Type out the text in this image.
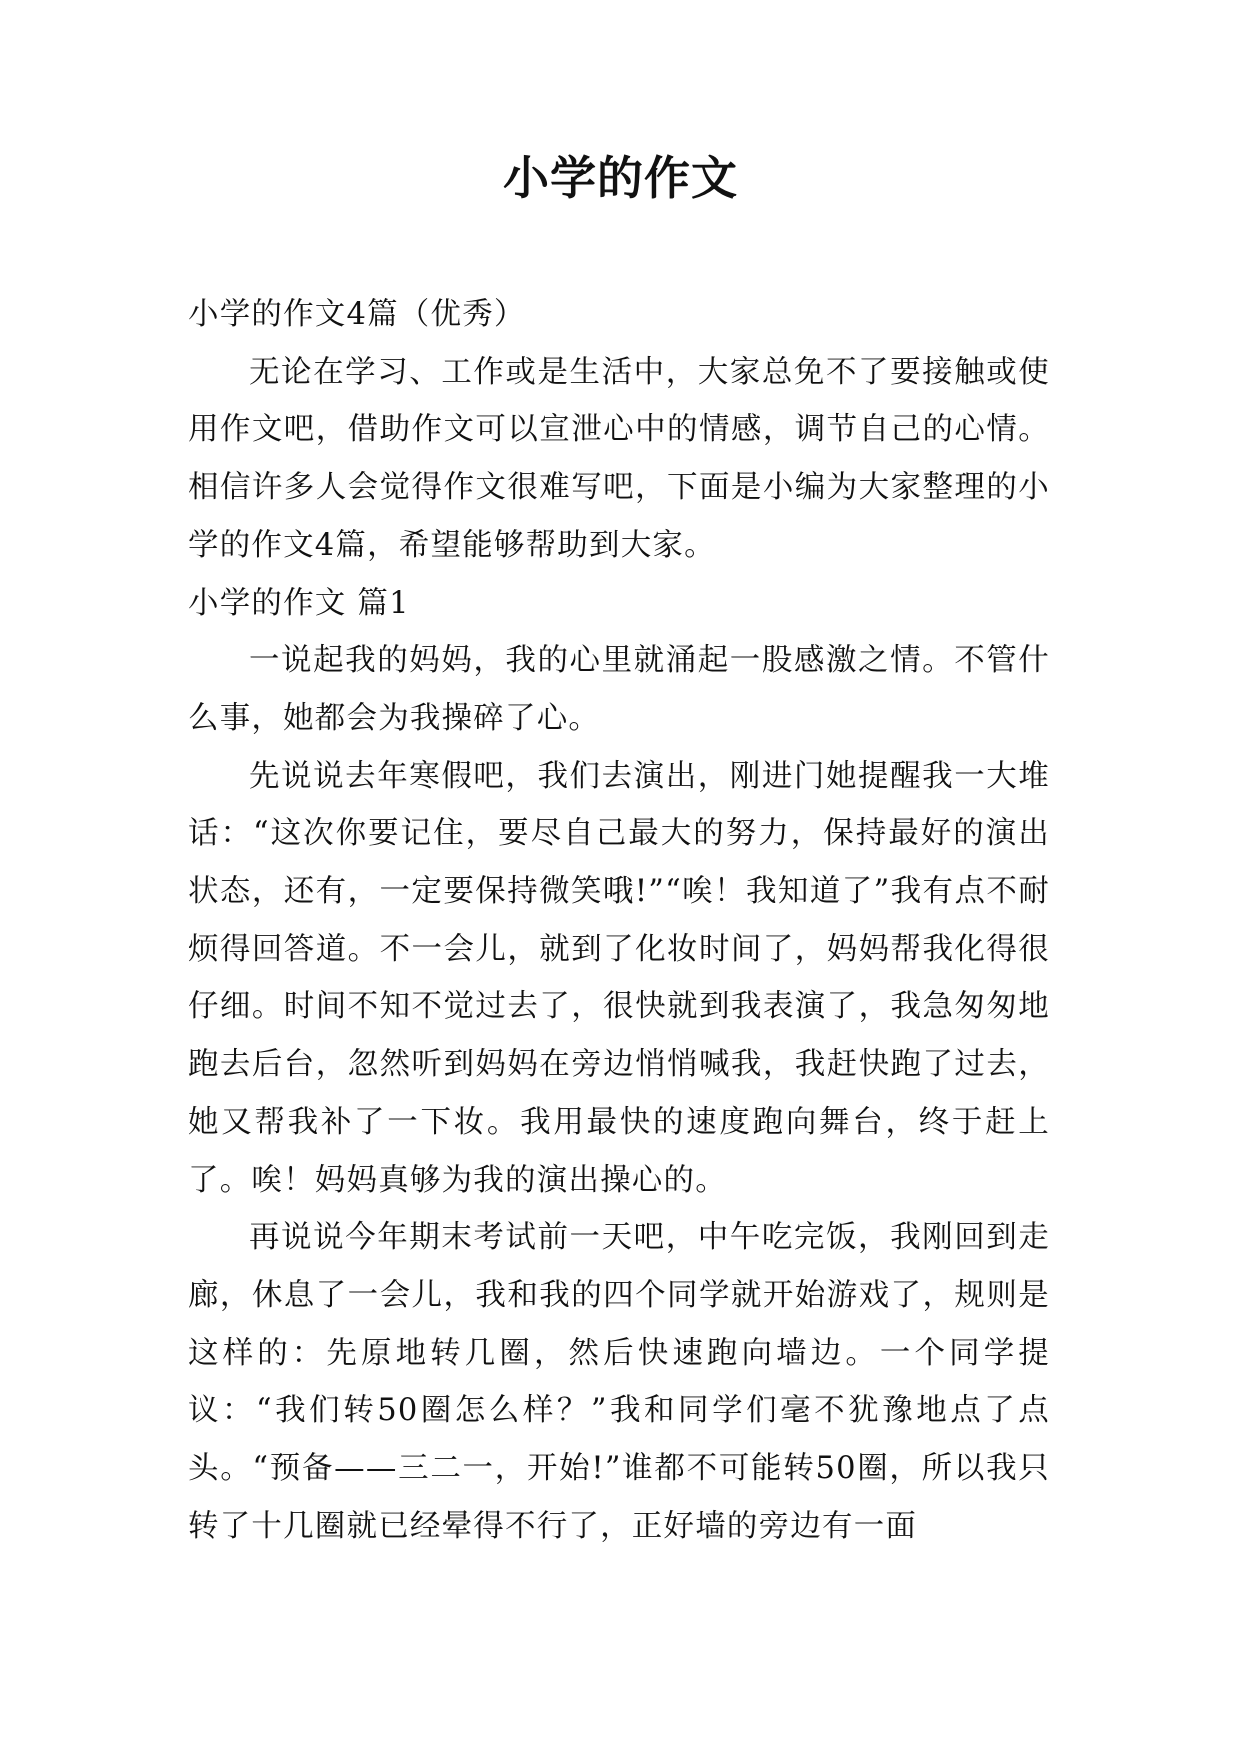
小学的作文

小学的作文4篇（优秀）

无论在学习、工作或是生活中，大家总免不了要接触或使用作文吧，借助作文可以宣泄心中的情感，调节自己的心情。相信许多人会觉得作文很难写吧，下面是小编为大家整理的小学的作文4篇，希望能够帮助到大家。

小学的作文 篇1

一说起我的妈妈，我的心里就涌起一股感激之情。不管什么事，她都会为我操碎了心。

先说说去年寒假吧，我们去演出，刚进门她提醒我一大堆话：“这次你要记住，要尽自己最大的努力，保持最好的演出状态，还有，一定要保持微笑哦!”“唉！我知道了”我有点不耐烦得回答道。不一会儿，就到了化妆时间了，妈妈帮我化得很仔细。时间不知不觉过去了，很快就到我表演了，我急匆匆地跑去后台，忽然听到妈妈在旁边悄悄喊我，我赶快跑了过去，她又帮我补了一下妆。我用最快的速度跑向舞台，终于赶上了。唉！妈妈真够为我的演出操心的。

再说说今年期末考试前一天吧，中午吃完饭，我刚回到走廊，休息了一会儿，我和我的四个同学就开始游戏了，规则是这样的：先原地转几圈，然后快速跑向墙边。一个同学提议：“我们转50圈怎么样？”我和同学们毫不犹豫地点了点头。“预备——三二一，开始!”谁都不可能转50圈，所以我只转了十几圈就已经晕得不行了，正好墙的旁边有一面
